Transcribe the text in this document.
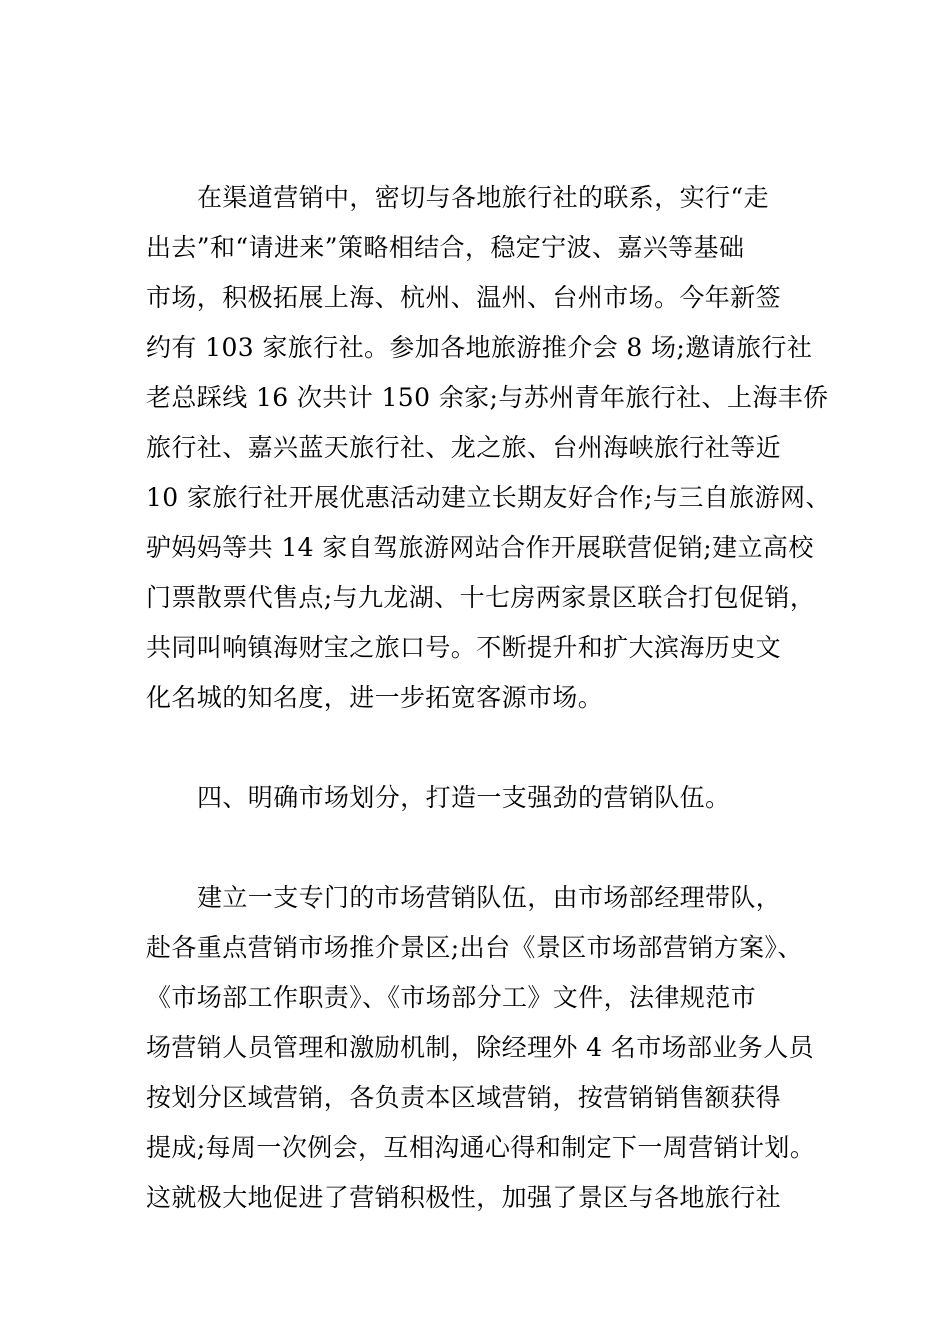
在渠道营销中，密切与各地旅行社的联系，实行“走
出去”和“请进来”策略相结合，稳定宁波、嘉兴等基础
市场，积极拓展上海、杭州、温州、台州市场。今年新签
约有 103 家旅行社。参加各地旅游推介会 8 场;邀请旅行社
老总踩线 16 次共计 150 余家;与苏州青年旅行社、上海丰侨
旅行社、嘉兴蓝天旅行社、龙之旅、台州海峡旅行社等近
10 家旅行社开展优惠活动建立长期友好合作;与三自旅游网、
驴妈妈等共 14 家自驾旅游网站合作开展联营促销;建立高校
门票散票代售点;与九龙湖、十七房两家景区联合打包促销，
共同叫响镇海财宝之旅口号。不断提升和扩大滨海历史文
化名城的知名度，进一步拓宽客源市场。
四、明确市场划分，打造一支强劲的营销队伍。
建立一支专门的市场营销队伍，由市场部经理带队，
赴各重点营销市场推介景区;出台《景区市场部营销方案》、
《市场部工作职责》、《市场部分工》文件，法律规范市
场营销人员管理和激励机制，除经理外 4 名市场部业务人员
按划分区域营销，各负责本区域营销，按营销销售额获得
提成;每周一次例会，互相沟通心得和制定下一周营销计划。
这就极大地促进了营销积极性，加强了景区与各地旅行社
